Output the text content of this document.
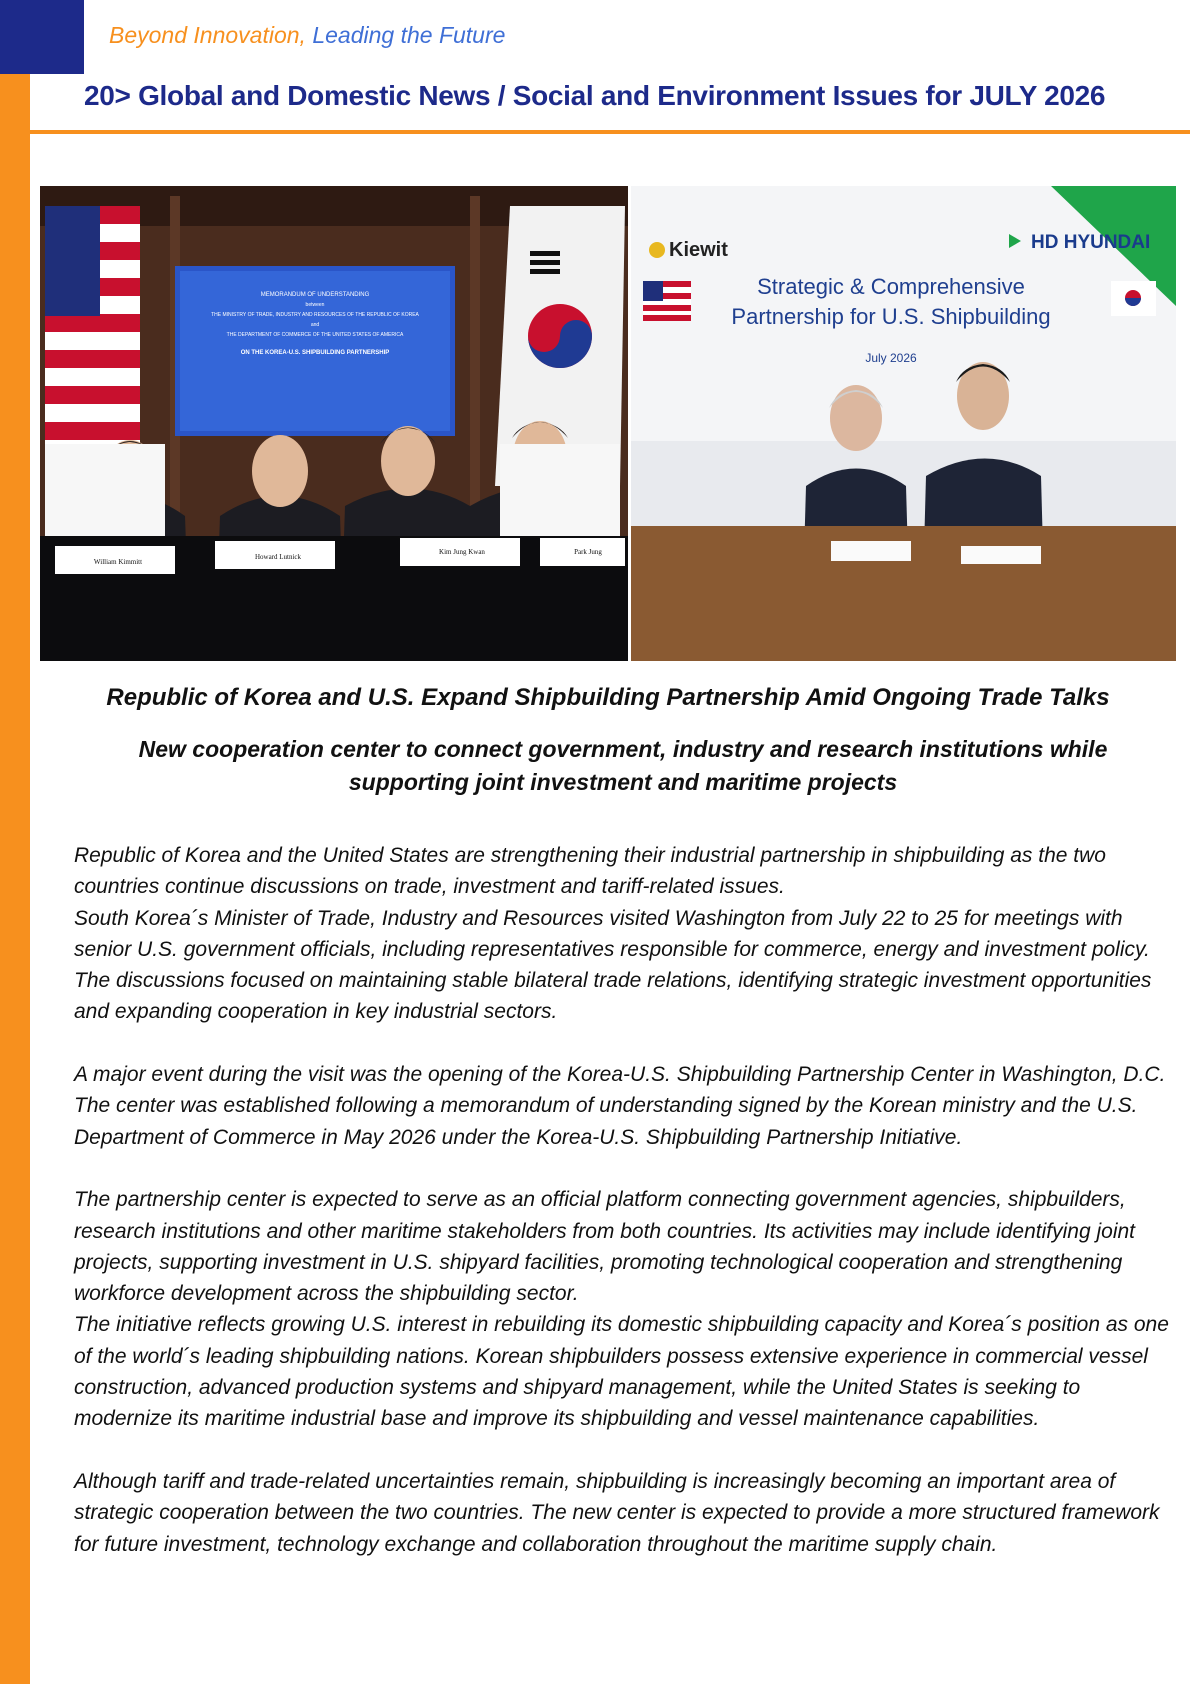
Beyond Innovation, Leading the Future
20> Global and Domestic News / Social and Environment Issues for JULY 2026
MEMORANDUM OF UNDERSTANDING
between
THE MINISTRY OF TRADE, INDUSTRY AND RESOURCES OF THE REPUBLIC OF KOREA
and
THE DEPARTMENT OF COMMERCE OF THE UNITED STATES OF AMERICA
ON THE KOREA-U.S. SHIPBUILDING PARTNERSHIP
William Kimmitt
Howard Lutnick
Kim Jung Kwan	Park Jung
Kiewit	HD HYUNDAI
Strategic & Comprehensive
Partnership for U.S. Shipbuilding
July 2026
Republic of Korea and U.S. Expand Shipbuilding Partnership Amid Ongoing Trade Talks
New cooperation center to connect government, industry and research institutions while supporting joint investment and maritime projects

Republic of Korea and the United States are strengthening their industrial partnership in shipbuilding as the two countries continue discussions on trade, investment and tariff-related issues.

South Korea´s Minister of Trade, Industry and Resources visited Washington from July 22 to 25 for meetings with senior U.S. government officials, including representatives responsible for commerce, energy and investment policy. The discussions focused on maintaining stable bilateral trade relations, identifying strategic investment opportunities and expanding cooperation in key industrial sectors.

A major event during the visit was the opening of the Korea-U.S. Shipbuilding Partnership Center in Washington, D.C. The center was established following a memorandum of understanding signed by the Korean ministry and the U.S. Department of Commerce in May 2026 under the Korea-U.S. Shipbuilding Partnership Initiative.

The partnership center is expected to serve as an official platform connecting government agencies, shipbuilders, research institutions and other maritime stakeholders from both countries. Its activities may include identifying joint projects, supporting investment in U.S. shipyard facilities, promoting technological cooperation and strengthening workforce development across the shipbuilding sector.

The initiative reflects growing U.S. interest in rebuilding its domestic shipbuilding capacity and Korea´s position as one of the world´s leading shipbuilding nations. Korean shipbuilders possess extensive experience in commercial vessel construction, advanced production systems and shipyard management, while the United States is seeking to modernize its maritime industrial base and improve its shipbuilding and vessel maintenance capabilities.

Although tariff and trade-related uncertainties remain, shipbuilding is increasingly becoming an important area of strategic cooperation between the two countries. The new center is expected to provide a more structured framework for future investment, technology exchange and collaboration throughout the maritime supply chain.
